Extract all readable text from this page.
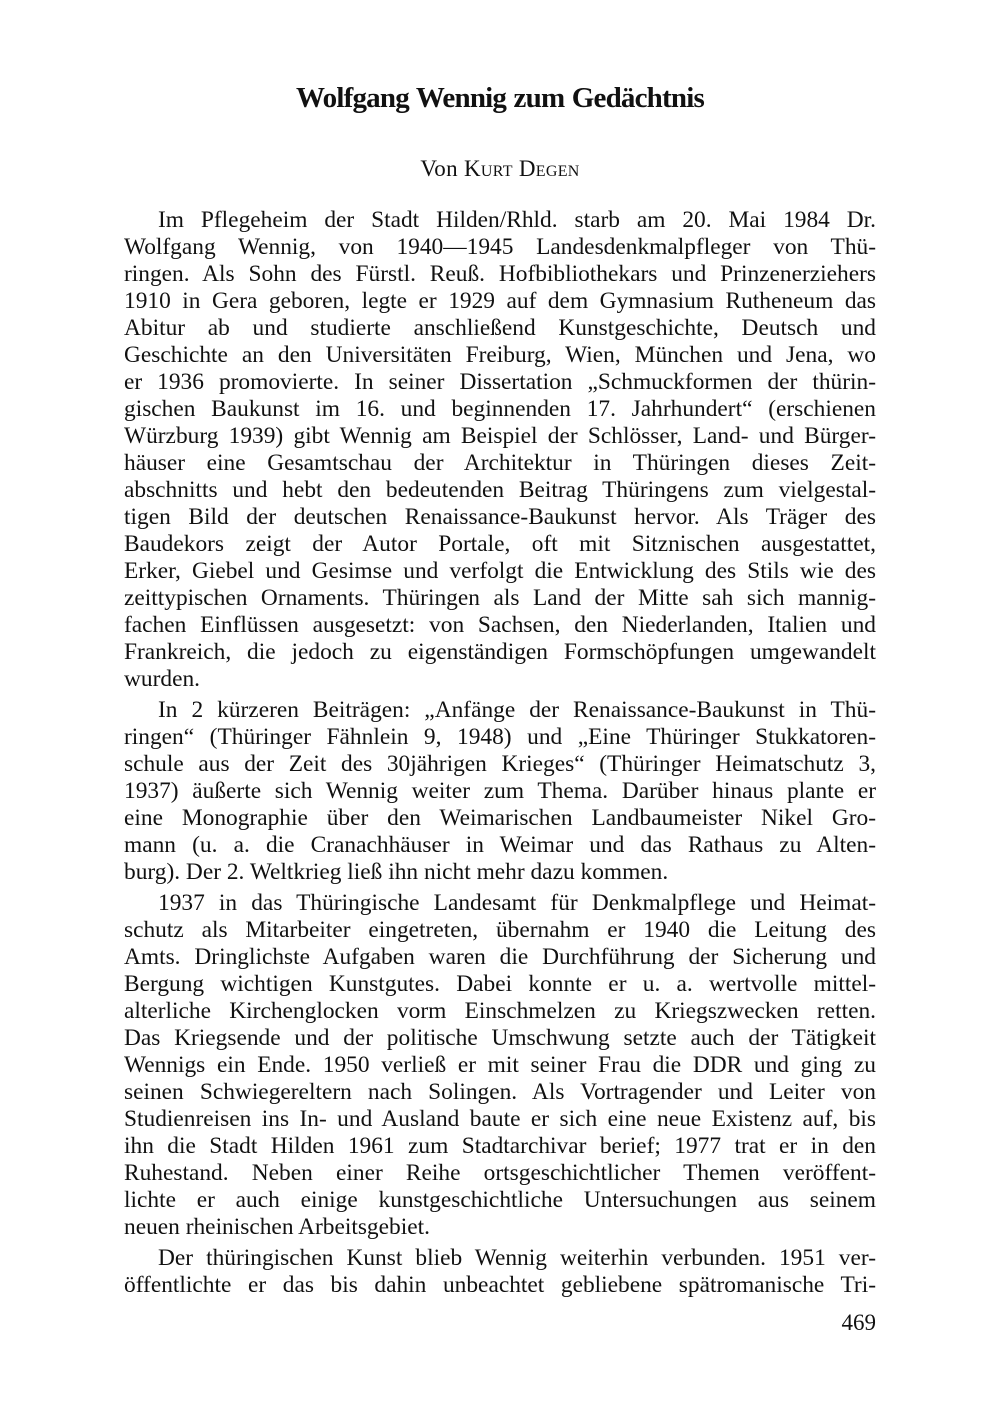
Wolfgang Wennig zum Gedächtnis
Von Kurt Degen
Im Pflegeheim der Stadt Hilden/Rhld. starb am 20. Mai 1984 Dr.
Wolfgang Wennig, von 1940—1945 Landesdenkmalpfleger von Thü-
ringen. Als Sohn des Fürstl. Reuß. Hofbibliothekars und Prinzenerziehers
1910 in Gera geboren, legte er 1929 auf dem Gymnasium Rutheneum das
Abitur ab und studierte anschließend Kunstgeschichte, Deutsch und
Geschichte an den Universitäten Freiburg, Wien, München und Jena, wo
er 1936 promovierte. In seiner Dissertation „Schmuckformen der thürin-
gischen Baukunst im 16. und beginnenden 17. Jahrhundert“ (erschienen
Würzburg 1939) gibt Wennig am Beispiel der Schlösser, Land- und Bürger-
häuser eine Gesamtschau der Architektur in Thüringen dieses Zeit-
abschnitts und hebt den bedeutenden Beitrag Thüringens zum vielgestal-
tigen Bild der deutschen Renaissance-Baukunst hervor. Als Träger des
Baudekors zeigt der Autor Portale, oft mit Sitznischen ausgestattet,
Erker, Giebel und Gesimse und verfolgt die Entwicklung des Stils wie des
zeittypischen Ornaments. Thüringen als Land der Mitte sah sich mannig-
fachen Einflüssen ausgesetzt: von Sachsen, den Niederlanden, Italien und
Frankreich, die jedoch zu eigenständigen Formschöpfungen umgewandelt
wurden.
In 2 kürzeren Beiträgen: „Anfänge der Renaissance-Baukunst in Thü-
ringen“ (Thüringer Fähnlein 9, 1948) und „Eine Thüringer Stukkatoren-
schule aus der Zeit des 30jährigen Krieges“ (Thüringer Heimatschutz 3,
1937) äußerte sich Wennig weiter zum Thema. Darüber hinaus plante er
eine Monographie über den Weimarischen Landbaumeister Nikel Gro-
mann (u. a. die Cranachhäuser in Weimar und das Rathaus zu Alten-
burg). Der 2. Weltkrieg ließ ihn nicht mehr dazu kommen.
1937 in das Thüringische Landesamt für Denkmalpflege und Heimat-
schutz als Mitarbeiter eingetreten, übernahm er 1940 die Leitung des
Amts. Dringlichste Aufgaben waren die Durchführung der Sicherung und
Bergung wichtigen Kunstgutes. Dabei konnte er u. a. wertvolle mittel-
alterliche Kirchenglocken vorm Einschmelzen zu Kriegszwecken retten.
Das Kriegsende und der politische Umschwung setzte auch der Tätigkeit
Wennigs ein Ende. 1950 verließ er mit seiner Frau die DDR und ging zu
seinen Schwiegereltern nach Solingen. Als Vortragender und Leiter von
Studienreisen ins In- und Ausland baute er sich eine neue Existenz auf, bis
ihn die Stadt Hilden 1961 zum Stadtarchivar berief; 1977 trat er in den
Ruhestand. Neben einer Reihe ortsgeschichtlicher Themen veröffent-
lichte er auch einige kunstgeschichtliche Untersuchungen aus seinem
neuen rheinischen Arbeitsgebiet.
Der thüringischen Kunst blieb Wennig weiterhin verbunden. 1951 ver-
öffentlichte er das bis dahin unbeachtet gebliebene spätromanische Tri-
469
